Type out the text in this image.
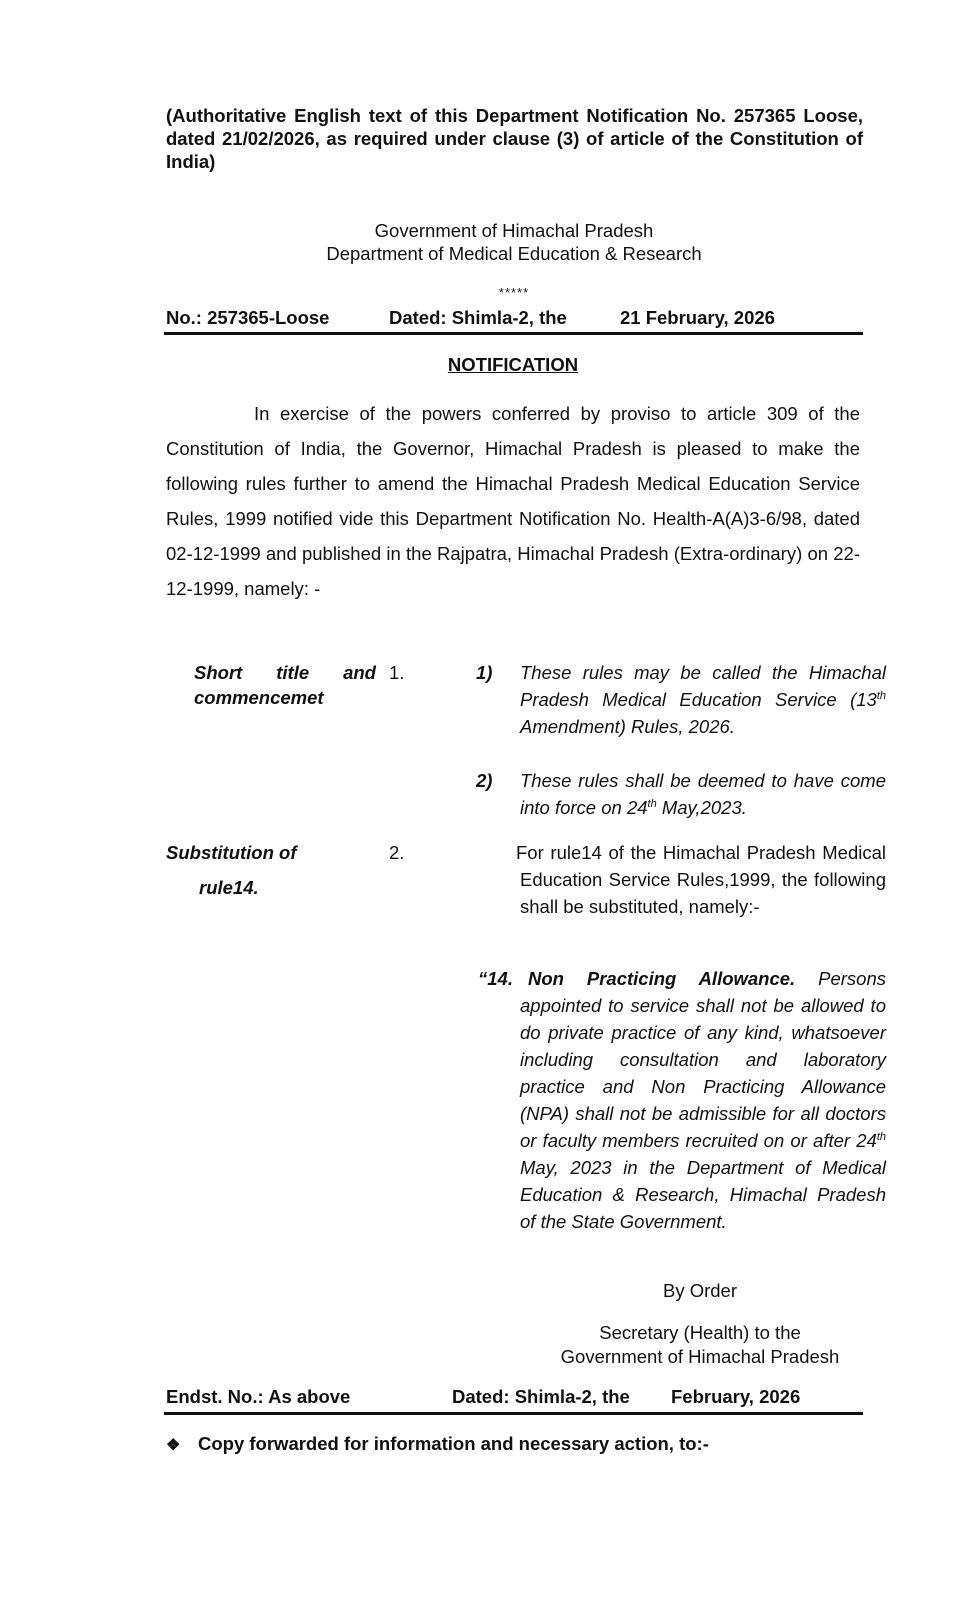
(Authoritative English text of this Department Notification No. 257365 Loose, dated 21/02/2026, as required under clause (3) of article of the Constitution of India)
Government of Himachal Pradesh
Department of Medical Education & Research
*****
No.: 257365-Loose	Dated: Shimla-2, the	21 February, 2026
NOTIFICATION
In exercise of the powers conferred by proviso to article 309 of the Constitution of India, the Governor, Himachal Pradesh is pleased to make the following rules further to amend the Himachal Pradesh Medical Education Service Rules, 1999 notified vide this Department Notification No. Health-A(A)3-6/98, dated 02-12-1999 and published in the Rajpatra, Himachal Pradesh (Extra-ordinary) on 22-12-1999, namely: -
Short title and
commencemet
1.	1) These rules may be called the Himachal Pradesh Medical Education Service (13th Amendment) Rules, 2026.
2) These rules shall be deemed to have come into force on 24th May,2023.
Substitution of
rule14.
2.	For rule14 of the Himachal Pradesh Medical Education Service Rules,1999, the following shall be substituted, namely:-
“14. Non Practicing Allowance. Persons appointed to service shall not be allowed to do private practice of any kind, whatsoever including consultation and laboratory practice and Non Practicing Allowance (NPA) shall not be admissible for all doctors or faculty members recruited on or after 24th May, 2023 in the Department of Medical Education & Research, Himachal Pradesh of the State Government.
By Order
Secretary (Health) to the
Government of Himachal Pradesh
Endst. No.: As above	Dated: Shimla-2, the February, 2026
❖ Copy forwarded for information and necessary action, to:-
